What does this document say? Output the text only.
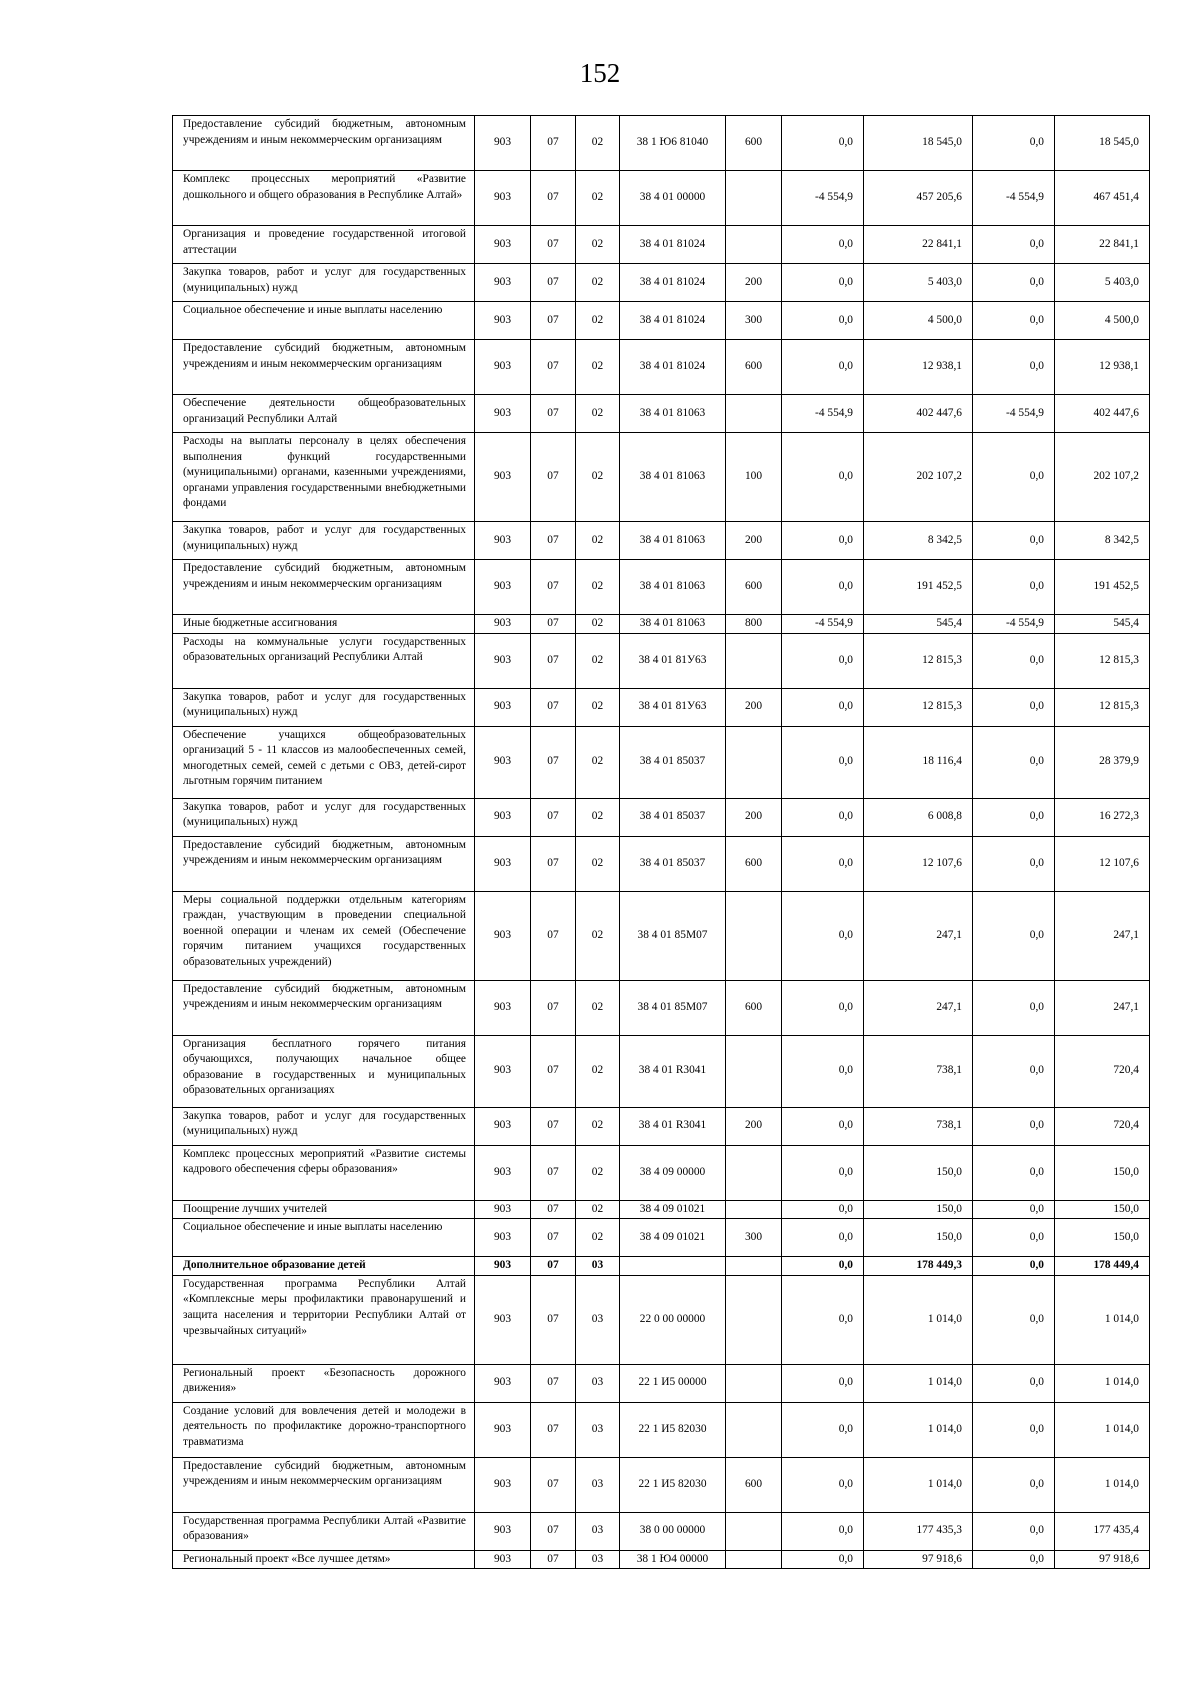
152
Предоставление субсидий бюджетным, автономным учреждениям и иным некоммерческим организациям	903	07	02	38 1 Ю6 81040	600	0,0	18 545,0	0,0	18 545,0
Комплекс процессных мероприятий «Развитие дошкольного и общего образования в Республике Алтай»	903	07	02	38 4 01 00000		-4 554,9	457 205,6	-4 554,9	467 451,4
Организация и проведение государственной итоговой аттестации	903	07	02	38 4 01 81024		0,0	22 841,1	0,0	22 841,1
Закупка товаров, работ и услуг для государственных (муниципальных) нужд	903	07	02	38 4 01 81024	200	0,0	5 403,0	0,0	5 403,0
Социальное обеспечение и иные выплаты населению	903	07	02	38 4 01 81024	300	0,0	4 500,0	0,0	4 500,0
Предоставление субсидий бюджетным, автономным учреждениям и иным некоммерческим организациям	903	07	02	38 4 01 81024	600	0,0	12 938,1	0,0	12 938,1
Обеспечение деятельности общеобразовательных организаций Республики Алтай	903	07	02	38 4 01 81063		-4 554,9	402 447,6	-4 554,9	402 447,6
Расходы на выплаты персоналу в целях обеспечения выполнения функций государственными (муниципальными) органами, казенными учреждениями, органами управления государственными внебюджетными фондами	903	07	02	38 4 01 81063	100	0,0	202 107,2	0,0	202 107,2
Закупка товаров, работ и услуг для государственных (муниципальных) нужд	903	07	02	38 4 01 81063	200	0,0	8 342,5	0,0	8 342,5
Предоставление субсидий бюджетным, автономным учреждениям и иным некоммерческим организациям	903	07	02	38 4 01 81063	600	0,0	191 452,5	0,0	191 452,5
Иные бюджетные ассигнования	903	07	02	38 4 01 81063	800	-4 554,9	545,4	-4 554,9	545,4
Расходы на коммунальные услуги государственных образовательных организаций Республики Алтай	903	07	02	38 4 01 81У63		0,0	12 815,3	0,0	12 815,3
Закупка товаров, работ и услуг для государственных (муниципальных) нужд	903	07	02	38 4 01 81У63	200	0,0	12 815,3	0,0	12 815,3
Обеспечение учащихся общеобразовательных организаций 5 - 11 классов из малообеспеченных семей, многодетных семей, семей с детьми с ОВЗ, детей-сирот льготным горячим питанием	903	07	02	38 4 01 85037		0,0	18 116,4	0,0	28 379,9
Закупка товаров, работ и услуг для государственных (муниципальных) нужд	903	07	02	38 4 01 85037	200	0,0	6 008,8	0,0	16 272,3
Предоставление субсидий бюджетным, автономным учреждениям и иным некоммерческим организациям	903	07	02	38 4 01 85037	600	0,0	12 107,6	0,0	12 107,6
Меры социальной поддержки отдельным категориям граждан, участвующим в проведении специальной военной операции и членам их семей (Обеспечение горячим питанием учащихся государственных образовательных учреждений)	903	07	02	38 4 01 85М07		0,0	247,1	0,0	247,1
Предоставление субсидий бюджетным, автономным учреждениям и иным некоммерческим организациям	903	07	02	38 4 01 85М07	600	0,0	247,1	0,0	247,1
Организация бесплатного горячего питания обучающихся, получающих начальное общее образование в государственных и муниципальных образовательных организациях	903	07	02	38 4 01 R3041		0,0	738,1	0,0	720,4
Закупка товаров, работ и услуг для государственных (муниципальных) нужд	903	07	02	38 4 01 R3041	200	0,0	738,1	0,0	720,4
Комплекс процессных мероприятий «Развитие системы кадрового обеспечения сферы образования»	903	07	02	38 4 09 00000		0,0	150,0	0,0	150,0
Поощрение лучших учителей	903	07	02	38 4 09 01021		0,0	150,0	0,0	150,0
Социальное обеспечение и иные выплаты населению	903	07	02	38 4 09 01021	300	0,0	150,0	0,0	150,0
Дополнительное образование детей	903	07	03			0,0	178 449,3	0,0	178 449,4
Государственная программа Республики Алтай «Комплексные меры профилактики правонарушений и защита населения и территории Республики Алтай от чрезвычайных ситуаций»	903	07	03	22 0 00 00000		0,0	1 014,0	0,0	1 014,0
Региональный проект «Безопасность дорожного движения»	903	07	03	22 1 И5 00000		0,0	1 014,0	0,0	1 014,0
Создание условий для вовлечения детей и молодежи в деятельность по профилактике дорожно-транспортного травматизма	903	07	03	22 1 И5 82030		0,0	1 014,0	0,0	1 014,0
Предоставление субсидий бюджетным, автономным учреждениям и иным некоммерческим организациям	903	07	03	22 1 И5 82030	600	0,0	1 014,0	0,0	1 014,0
Государственная программа Республики Алтай «Развитие образования»	903	07	03	38 0 00 00000		0,0	177 435,3	0,0	177 435,4
Региональный проект «Все лучшее детям»	903	07	03	38 1 Ю4 00000		0,0	97 918,6	0,0	97 918,6
